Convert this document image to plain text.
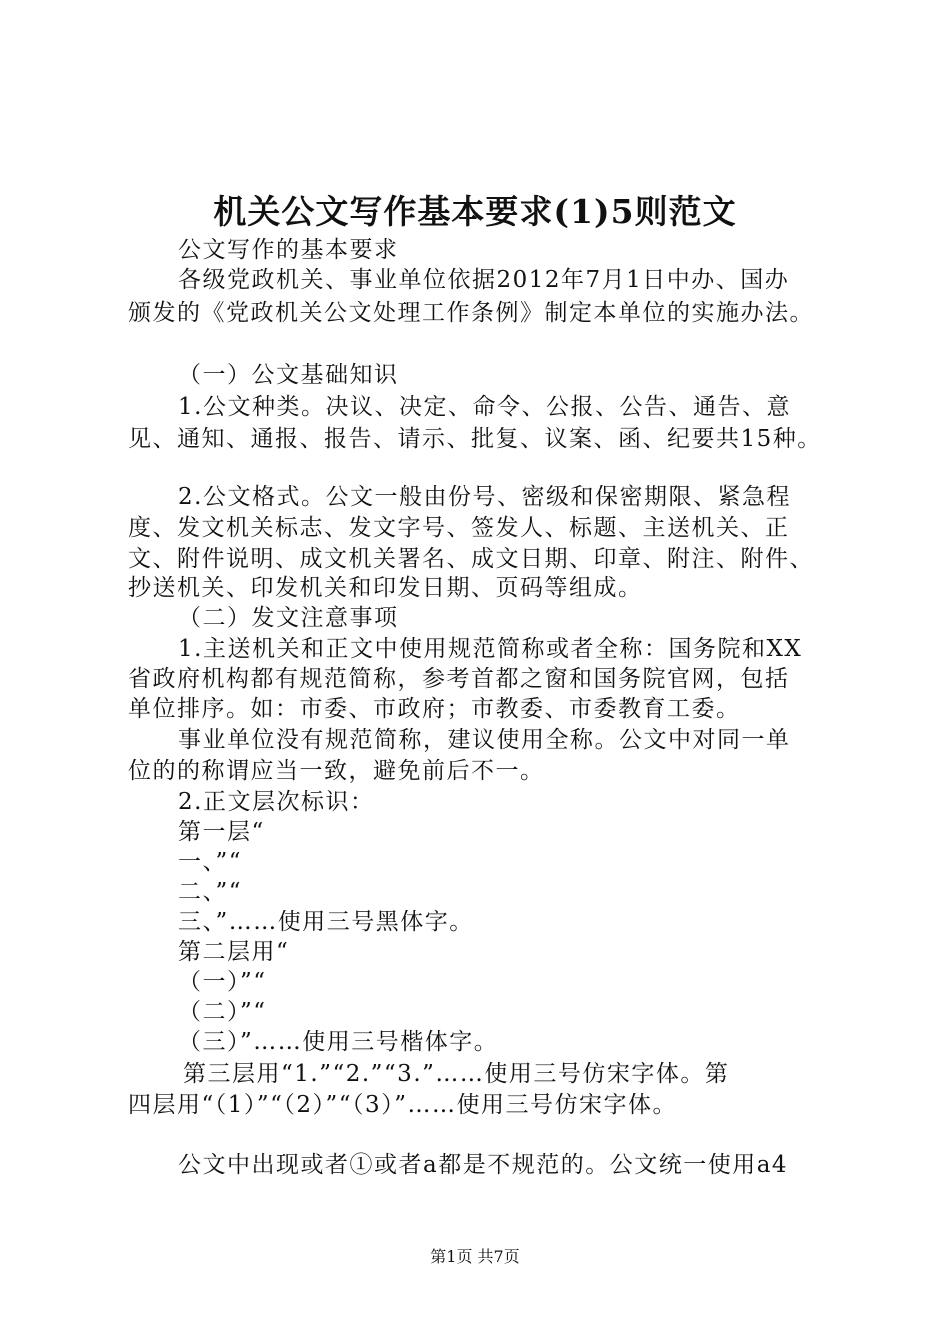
机关公文写作基本要求(1)5则范文
公文写作的基本要求
各级党政机关、事业单位依据2012年7月1日中办、国办
颁发的《党政机关公文处理工作条例》制定本单位的实施办法。
（一）公文基础知识
1.公文种类。决议、决定、命令、公报、公告、通告、意
见、通知、通报、报告、请示、批复、议案、函、纪要共15种。
2.公文格式。公文一般由份号、密级和保密期限、紧急程
度、发文机关标志、发文字号、签发人、标题、主送机关、正
文、附件说明、成文机关署名、成文日期、印章、附注、附件、
抄送机关、印发机关和印发日期、页码等组成。
（二）发文注意事项
1.主送机关和正文中使用规范简称或者全称：国务院和XX
省政府机构都有规范简称，参考首都之窗和国务院官网，包括
单位排序。如：市委、市政府；市教委、市委教育工委。
事业单位没有规范简称，建议使用全称。公文中对同一单
位的的称谓应当一致，避免前后不一。
2.正文层次标识：
第一层“
一、”“
二、”“
三、”……使用三号黑体字。
第二层用“
（一）”“
（二）”“
（三）”……使用三号楷体字。
第三层用“1.”“2.”“3.”……使用三号仿宋字体。第
四层用“（1）”“（2）”“（3）”……使用三号仿宋字体。
公文中出现或者①或者a都是不规范的。公文统一使用a4
第1页 共7页
